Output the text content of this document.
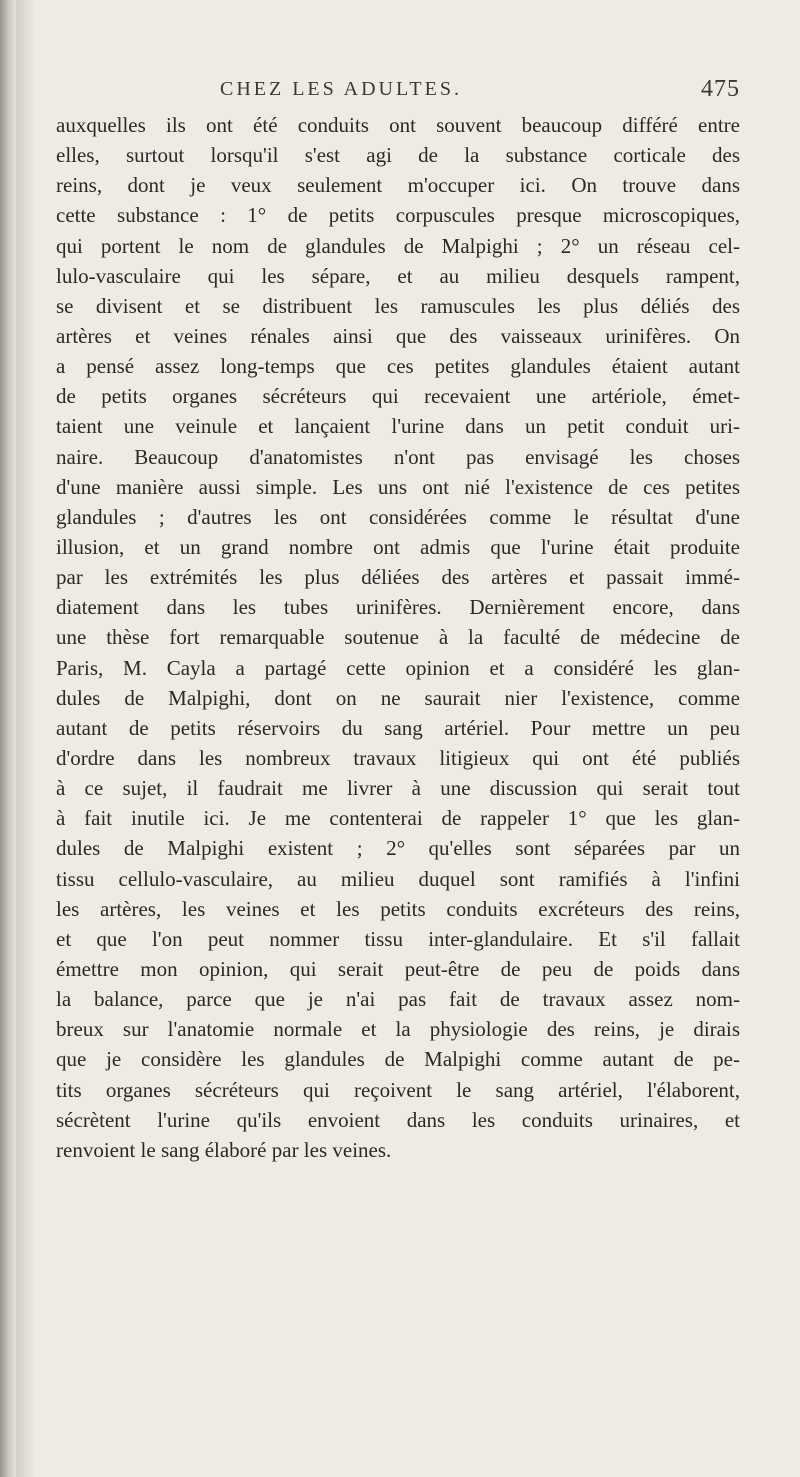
CHEZ LES ADULTES.	475
auxquelles ils ont été conduits ont souvent beaucoup différé entre
elles, surtout lorsqu'il s'est agi de la substance corticale des
reins, dont je veux seulement m'occuper ici. On trouve dans
cette substance : 1° de petits corpuscules presque microscopiques,
qui portent le nom de glandules de Malpighi ; 2° un réseau cel-
lulo-vasculaire qui les sépare, et au milieu desquels rampent,
se divisent et se distribuent les ramuscules les plus déliés des
artères et veines rénales ainsi que des vaisseaux urinifères. On
a pensé assez long-temps que ces petites glandules étaient autant
de petits organes sécréteurs qui recevaient une artériole, émet-
taient une veinule et lançaient l'urine dans un petit conduit uri-
naire. Beaucoup d'anatomistes n'ont pas envisagé les choses
d'une manière aussi simple. Les uns ont nié l'existence de ces petites
glandules ; d'autres les ont considérées comme le résultat d'une
illusion, et un grand nombre ont admis que l'urine était produite
par les extrémités les plus déliées des artères et passait immé-
diatement dans les tubes urinifères. Dernièrement encore, dans
une thèse fort remarquable soutenue à la faculté de médecine de
Paris, M. Cayla a partagé cette opinion et a considéré les glan-
dules de Malpighi, dont on ne saurait nier l'existence, comme
autant de petits réservoirs du sang artériel. Pour mettre un peu
d'ordre dans les nombreux travaux litigieux qui ont été publiés
à ce sujet, il faudrait me livrer à une discussion qui serait tout
à fait inutile ici. Je me contenterai de rappeler 1° que les glan-
dules de Malpighi existent ; 2° qu'elles sont séparées par un
tissu cellulo-vasculaire, au milieu duquel sont ramifiés à l'infini
les artères, les veines et les petits conduits excréteurs des reins,
et que l'on peut nommer tissu inter-glandulaire. Et s'il fallait
émettre mon opinion, qui serait peut-être de peu de poids dans
la balance, parce que je n'ai pas fait de travaux assez nom-
breux sur l'anatomie normale et la physiologie des reins, je dirais
que je considère les glandules de Malpighi comme autant de pe-
tits organes sécréteurs qui reçoivent le sang artériel, l'élaborent,
sécrètent l'urine qu'ils envoient dans les conduits urinaires, et
renvoient le sang élaboré par les veines.
